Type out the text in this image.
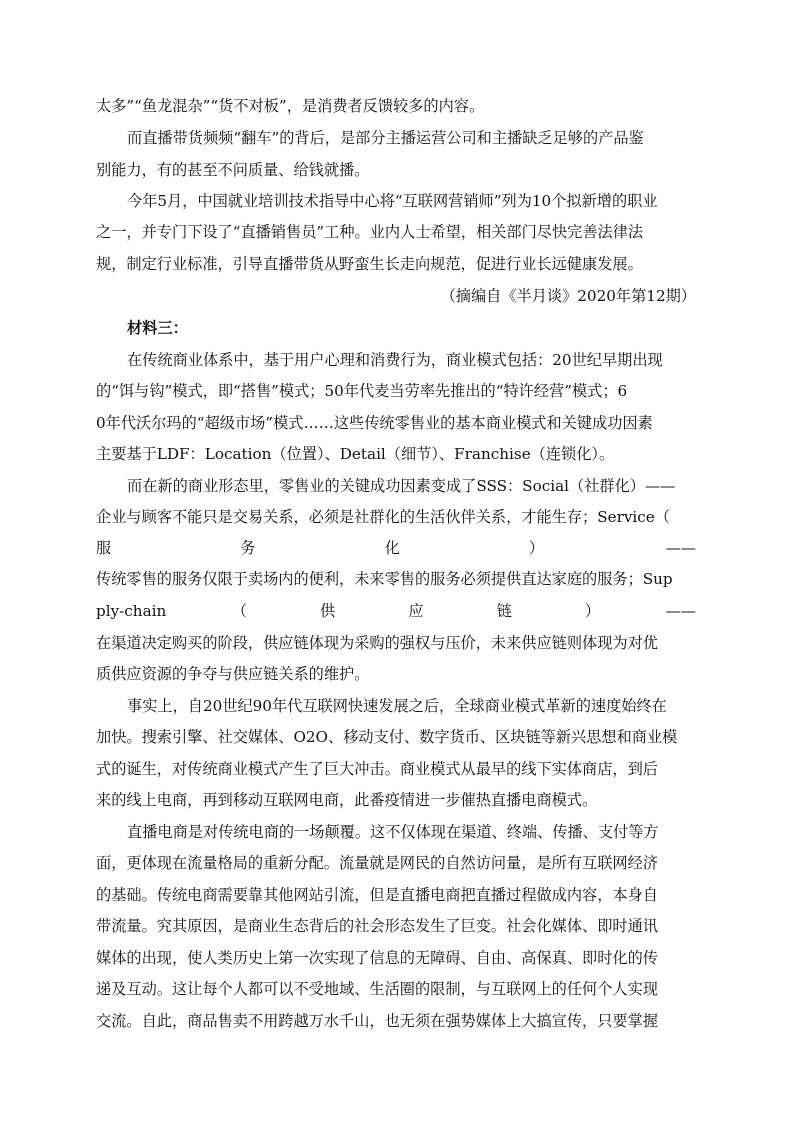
太多”“鱼龙混杂”“货不对板”，是消费者反馈较多的内容。
而直播带货频频“翻车”的背后，是部分主播运营公司和主播缺乏足够的产品鉴
别能力，有的甚至不问质量、给钱就播。
今年5月，中国就业培训技术指导中心将“互联网营销师”列为10个拟新增的职业
之一，并专门下设了“直播销售员”工种。业内人士希望，相关部门尽快完善法律法
规，制定行业标准，引导直播带货从野蛮生长走向规范，促进行业长远健康发展。
（摘编自《半月谈》2020年第12期）
材料三：
在传统商业体系中，基于用户心理和消费行为，商业模式包括：20世纪早期出现
的“饵与钩”模式，即“搭售”模式；50年代麦当劳率先推出的“特许经营”模式；6
0年代沃尔玛的“超级市场”模式……这些传统零售业的基本商业模式和关键成功因素
主要基于LDF：Location（位置）、Detail（细节）、Franchise（连锁化）。
而在新的商业形态里，零售业的关键成功因素变成了SSS：Social（社群化）——
企业与顾客不能只是交易关系，必须是社群化的生活伙伴关系，才能生存；Service（
服　　　　务　　　　化　　　　）　　　　——
传统零售的服务仅限于卖场内的便利，未来零售的服务必须提供直达家庭的服务；Sup
ply-chain　　（　　供　　应　　链　　）　　——
在渠道决定购买的阶段，供应链体现为采购的强权与压价，未来供应链则体现为对优
质供应资源的争夺与供应链关系的维护。
事实上，自20世纪90年代互联网快速发展之后，全球商业模式革新的速度始终在
加快。搜索引擎、社交媒体、O2O、移动支付、数字货币、区块链等新兴思想和商业模
式的诞生，对传统商业模式产生了巨大冲击。商业模式从最早的线下实体商店，到后
来的线上电商，再到移动互联网电商，此番疫情进一步催热直播电商模式。
直播电商是对传统电商的一场颠覆。这不仅体现在渠道、终端、传播、支付等方
面，更体现在流量格局的重新分配。流量就是网民的自然访问量，是所有互联网经济
的基础。传统电商需要靠其他网站引流，但是直播电商把直播过程做成内容，本身自
带流量。究其原因，是商业生态背后的社会形态发生了巨变。社会化媒体、即时通讯
媒体的出现，使人类历史上第一次实现了信息的无障碍、自由、高保真、即时化的传
递及互动。这让每个人都可以不受地域、生活圈的限制，与互联网上的任何个人实现
交流。自此，商品售卖不用跨越万水千山，也无须在强势媒体上大搞宣传，只要掌握
